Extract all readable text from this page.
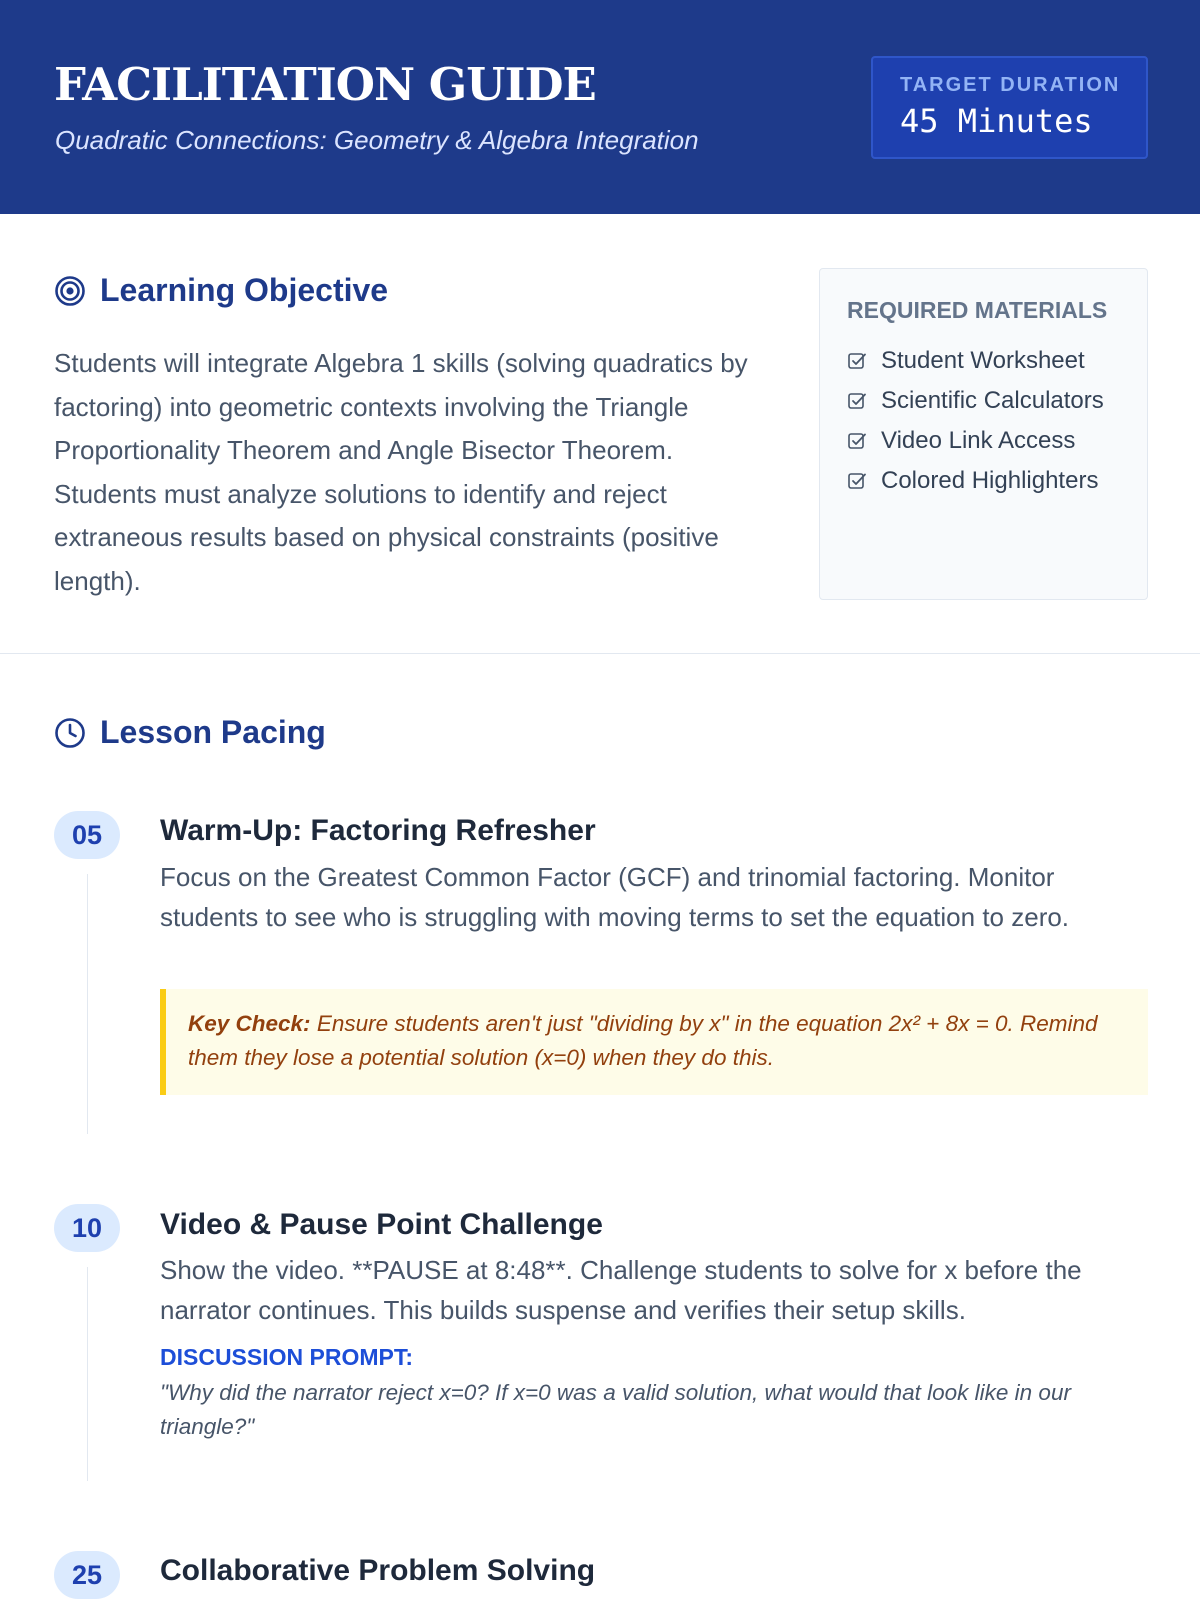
FACILITATION GUIDE
Quadratic Connections: Geometry & Algebra Integration
TARGET DURATION
45 Minutes
Learning Objective

Students will integrate Algebra 1 skills (solving quadratics by factoring) into geometric contexts involving the Triangle Proportionality Theorem and Angle Bisector Theorem. Students must analyze solutions to identify and reject extraneous results based on physical constraints (positive length).

REQUIRED MATERIALS
Student Worksheet
Scientific Calculators
Video Link Access
Colored Highlighters
Lesson Pacing
05	Warm-Up: Factoring Refresher

Focus on the Greatest Common Factor (GCF) and trinomial factoring. Monitor students to see who is struggling with moving terms to set the equation to zero.

Key Check: Ensure students aren't just "dividing by x" in the equation 2x² + 8x = 0. Remind them they lose a potential solution (x=0) when they do this.
10	Video & Pause Point Challenge

Show the video. **PAUSE at 8:48**. Challenge students to solve for x before the narrator continues. This builds suspense and verifies their setup skills.

DISCUSSION PROMPT:

"Why did the narrator reject x=0? If x=0 was a valid solution, what would that look like in our triangle?"

25	Collaborative Problem Solving
